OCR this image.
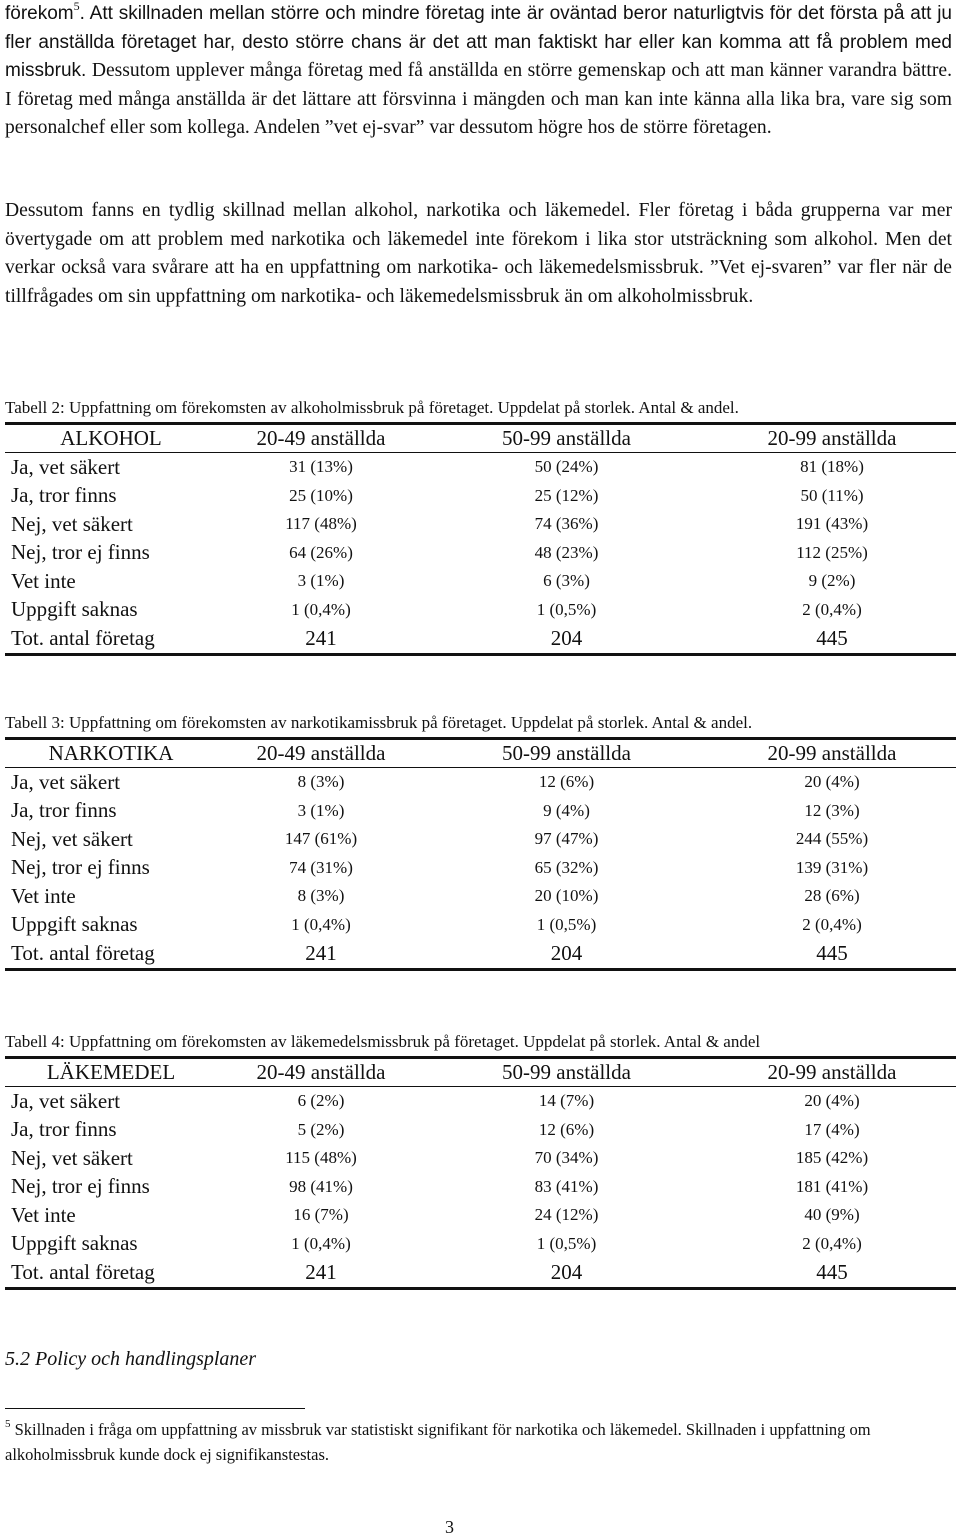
förekom$^5$. Att skillnaden mellan större och mindre företag inte är oväntad beror naturligtvis för det första på att ju fler anställda företaget har, desto större chans är det att man faktiskt har eller kan komma att få problem med missbruk. Dessutom upplever många företag med få anställda en större gemenskap och att man känner varandra bättre. I företag med många anställda är det lättare att försvinna i mängden och man kan inte känna alla lika bra, vare sig som personalchef eller som kollega. Andelen ”vet ej-svar” var dessutom högre hos de större företagen.

Dessutom fanns en tydlig skillnad mellan alkohol, narkotika och läkemedel. Fler företag i båda grupperna var mer övertygade om att problem med narkotika och läkemedel inte förekom i lika stor utsträckning som alkohol. Men det verkar också vara svårare att ha en uppfattning om narkotika- och läkemedelsmissbruk. ”Vet ej-svaren” var fler när de tillfrågades om sin uppfattning om narkotika- och läkemedelsmissbruk än om alkoholmissbruk.

Tabell 2: Uppfattning om förekomsten av alkoholmissbruk på företaget. Uppdelat på storlek. Antal & andel.
ALKOHOL	20-49 anställda	50-99 anställda	20-99 anställda
Ja, vet säkert	31 (13%)	50 (24%)	81 (18%)
Ja, tror finns	25 (10%)	25 (12%)	50 (11%)
Nej, vet säkert	117 (48%)	74 (36%)	191 (43%)
Nej, tror ej finns	64 (26%)	48 (23%)	112 (25%)
Vet inte	3 (1%)	6 (3%)	9 (2%)
Uppgift saknas	1 (0,4%)	1 (0,5%)	2 (0,4%)
Tot. antal företag	241	204	445
Tabell 3: Uppfattning om förekomsten av narkotikamissbruk på företaget. Uppdelat på storlek. Antal & andel.
NARKOTIKA	20-49 anställda	50-99 anställda	20-99 anställda
Ja, vet säkert	8 (3%)	12 (6%)	20 (4%)
Ja, tror finns	3 (1%)	9 (4%)	12 (3%)
Nej, vet säkert	147 (61%)	97 (47%)	244 (55%)
Nej, tror ej finns	74 (31%)	65 (32%)	139 (31%)
Vet inte	8 (3%)	20 (10%)	28 (6%)
Uppgift saknas	1 (0,4%)	1 (0,5%)	2 (0,4%)
Tot. antal företag	241	204	445
Tabell 4: Uppfattning om förekomsten av läkemedelsmissbruk på företaget. Uppdelat på storlek. Antal & andel
LÄKEMEDEL	20-49 anställda	50-99 anställda	20-99 anställda
Ja, vet säkert	6 (2%)	14 (7%)	20 (4%)
Ja, tror finns	5 (2%)	12 (6%)	17 (4%)
Nej, vet säkert	115 (48%)	70 (34%)	185 (42%)
Nej, tror ej finns	98 (41%)	83 (41%)	181 (41%)
Vet inte	16 (7%)	24 (12%)	40 (9%)
Uppgift saknas	1 (0,4%)	1 (0,5%)	2 (0,4%)
Tot. antal företag	241	204	445
5.2 Policy och handlingsplaner
$^5$ Skillnaden i fråga om uppfattning av missbruk var statistiskt signifikant för narkotika och läkemedel. Skillnaden i uppfattning om alkoholmissbruk kunde dock ej signifikanstestas.
3
